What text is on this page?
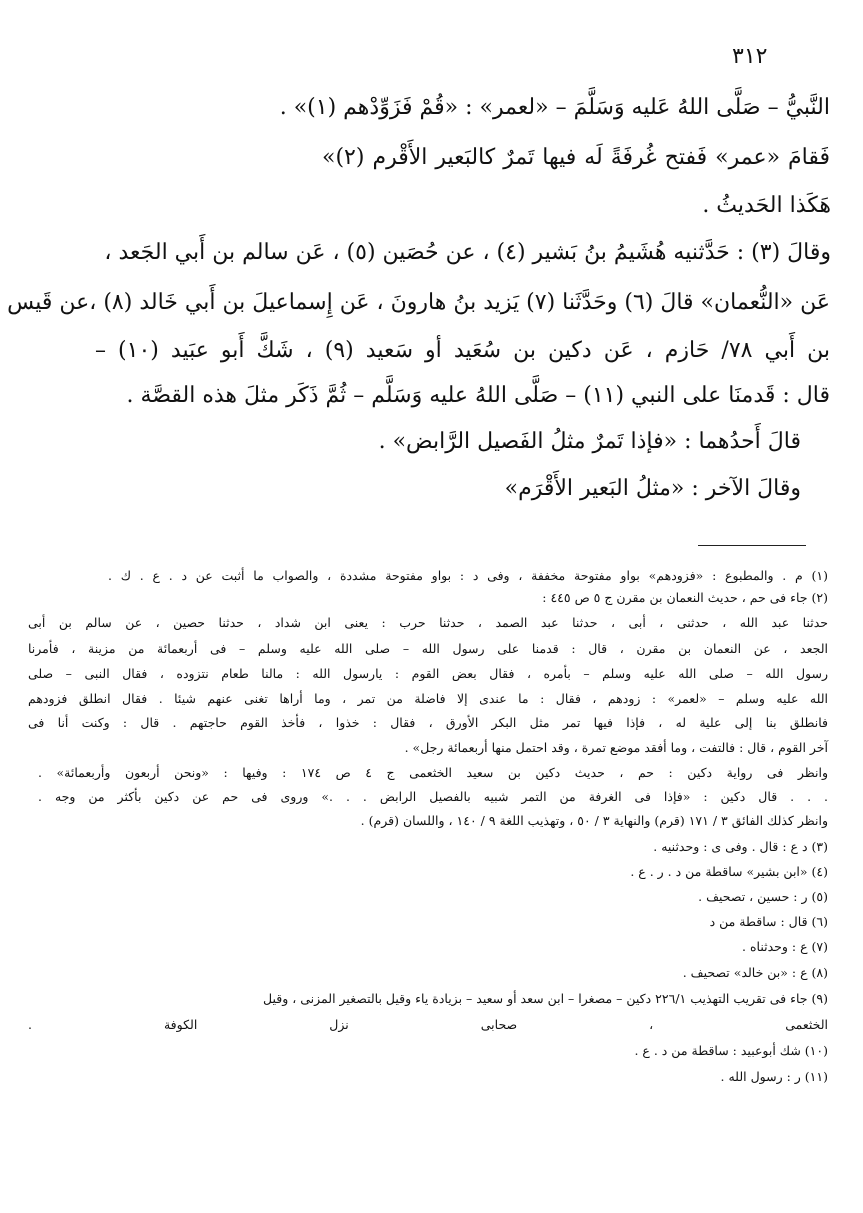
٣١٢
النَّبيُّ – صَلَّى اللهُ عَليه وَسَلَّمَ – «لعمر» : «قُمْ فَزَوِّدْهم (١)» .
فَقامَ «عمر» فَفتح غُرفَةً لَه فيها تَمرٌ كالبَعير الأَقْرم (٢)»
هَكَذا الحَديثُ .
وقالَ (٣) : حَدَّثنيه هُشَيمُ بنُ بَشير (٤) ، عن حُصَين (٥) ، عَن سالم بن أَبي الجَعد ،
عَن «النُّعمان» قالَ (٦) وحَدَّثَنا (٧) يَزيد بنُ هارونَ ، عَن إِسماعيلَ بن أَبي خَالد (٨) ،عن قَيس
بن أَبي ٧٨/ حَازم ، عَن دكين بن سُعَيد أو سَعيد (٩) ، شَكَّ أَبو عبَيد (١٠) –
قال : قَدمنَا على النبي (١١) – صَلَّى اللهُ عليه وَسَلَّم – ثُمَّ ذَكَر مثلَ هذه القصَّة .
قالَ أَحدُهما : «فإذا تَمرٌ مثلُ الفَصيل الرَّابض» .
وقالَ الآخر : «مثلُ البَعير الأَقْرَم»
(١) م . والمطبوع : «فزودهم» بواو مفتوحة مخففة ، وفى د : بواو مفتوحة مشددة ، والصواب ما أثبت عن د . ع . ك .
(٢) جاء فى حم ، حديث النعمان بن مقرن ج ٥ ص ٤٤٥ :
حدثنا عبد الله ، حدثنى ، أبى ، حدثنا عبد الصمد ، حدثنا حرب : يعنى ابن شداد ، حدثنا حصين ، عن سالم بن أبى
الجعد ، عن النعمان بن مقرن ، قال : قدمنا على رسول الله – صلى الله عليه وسلم – فى أربعمائة من مزينة ، فأمرنا
رسول الله – صلى الله عليه وسلم – بأمره ، فقال بعض القوم : يارسول الله : مالنا طعام نتزوده ، فقال النبى – صلى
الله عليه وسلم – «لعمر» : زودهم ، فقال : ما عندى إلا فاضلة من تمر ، وما أراها تغنى عنهم شيئا . فقال انطلق فزودهم
فانطلق بنا إلى علية له ، فإذا فيها تمر مثل البكر الأورق ، فقال : خذوا ، فأخذ القوم حاجتهم . قال : وكنت أنا فى
آخر القوم ، قال : فالتفت ، وما أفقد موضع تمرة ، وقد احتمل منها أربعمائة رجل» .
وانظر فى رواية دكين : حم ، حديث دكين بن سعيد الخثعمى ج ٤ ص ١٧٤ : وفيها : «ونحن أربعون وأربعمائة» .
. . . قال دكين : «فإذا فى الغرفة من التمر شبيه بالفصيل الرابض . . .» وروى فى حم عن دكين بأكثر من وجه .
وانظر كذلك الفائق ٣ / ١٧١ (قرم) والنهاية ٣ / ٥٠ ، وتهذيب اللغة ٩ / ١٤٠ ، واللسان (قرم) .
(٣) د ع : قال . وفى ى : وحدثنيه .
(٤) «ابن بشير» ساقطة من د . ر . ع .
(٥) ر : حسين ، تصحيف .
(٦) قال : ساقطة من د
(٧) ع : وحدثناه .
(٨) ع : «بن خالد» تصحيف .
(٩) جاء فى تقريب التهذيب ٢٢٦/١ دكين – مصغرا – ابن سعد أو سعيد – بزيادة ياء وقيل بالتصغير المزنى ، وقيل
الخثعمى ، صحابى نزل الكوفة .
(١٠) شك أبوعبيد : ساقطة من د . ع .
(١١) ر : رسول الله .
